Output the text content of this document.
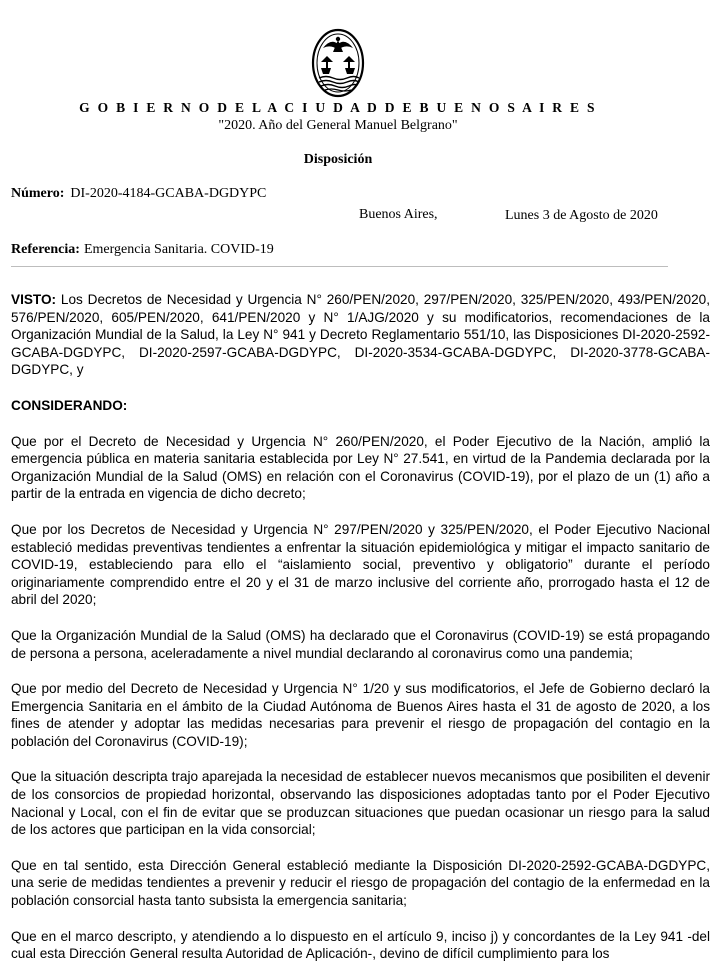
G O B I E R N O D E L A C I U D A D D E B U E N O S A I R E S
"2020. Año del General Manuel Belgrano"
Disposición
Número: DI-2020-4184-GCABA-DGDYPC
Buenos Aires,	Lunes 3 de Agosto de 2020
Referencia: Emergencia Sanitaria. COVID-19

VISTO: Los Decretos de Necesidad y Urgencia N° 260/PEN/2020, 297/PEN/2020, 325/PEN/2020, 493/PEN/2020, 576/PEN/2020, 605/PEN/2020, 641/PEN/2020 y N° 1/AJG/2020 y su modificatorios, recomendaciones de la Organización Mundial de la Salud, la Ley N° 941 y Decreto Reglamentario 551/10, las Disposiciones DI-2020-2592- GCABA-DGDYPC, DI-2020-2597-GCABA-DGDYPC, DI-2020-3534-GCABA-DGDYPC, DI-2020-3778-GCABA-DGDYPC, y

CONSIDERANDO:

Que por el Decreto de Necesidad y Urgencia N° 260/PEN/2020, el Poder Ejecutivo de la Nación, amplió la emergencia pública en materia sanitaria establecida por Ley N° 27.541, en virtud de la Pandemia declarada por la Organización Mundial de la Salud (OMS) en relación con el Coronavirus (COVID-19), por el plazo de un (1) año a partir de la entrada en vigencia de dicho decreto;

Que por los Decretos de Necesidad y Urgencia N° 297/PEN/2020 y 325/PEN/2020, el Poder Ejecutivo Nacional estableció medidas preventivas tendientes a enfrentar la situación epidemiológica y mitigar el impacto sanitario de COVID-19, estableciendo para ello el “aislamiento social, preventivo y obligatorio” durante el período originariamente comprendido entre el 20 y el 31 de marzo inclusive del corriente año, prorrogado hasta el 12 de abril del 2020;

Que la Organización Mundial de la Salud (OMS) ha declarado que el Coronavirus (COVID-19) se está propagando de persona a persona, aceleradamente a nivel mundial declarando al coronavirus como una pandemia;

Que por medio del Decreto de Necesidad y Urgencia N° 1/20 y sus modificatorios, el Jefe de Gobierno declaró la Emergencia Sanitaria en el ámbito de la Ciudad Autónoma de Buenos Aires hasta el 31 de agosto de 2020, a los fines de atender y adoptar las medidas necesarias para prevenir el riesgo de propagación del contagio en la población del Coronavirus (COVID-19);

Que la situación descripta trajo aparejada la necesidad de establecer nuevos mecanismos que posibiliten el devenir de los consorcios de propiedad horizontal, observando las disposiciones adoptadas tanto por el Poder Ejecutivo Nacional y Local, con el fin de evitar que se produzcan situaciones que puedan ocasionar un riesgo para la salud de los actores que participan en la vida consorcial;

Que en tal sentido, esta Dirección General estableció mediante la Disposición DI-2020-2592-GCABA-DGDYPC, una serie de medidas tendientes a prevenir y reducir el riesgo de propagación del contagio de la enfermedad en la población consorcial hasta tanto subsista la emergencia sanitaria;

Que en el marco descripto, y atendiendo a lo dispuesto en el artículo 9, inciso j) y concordantes de la Ley 941 -del cual esta Dirección General resulta Autoridad de Aplicación-, devino de difícil cumplimiento para los
